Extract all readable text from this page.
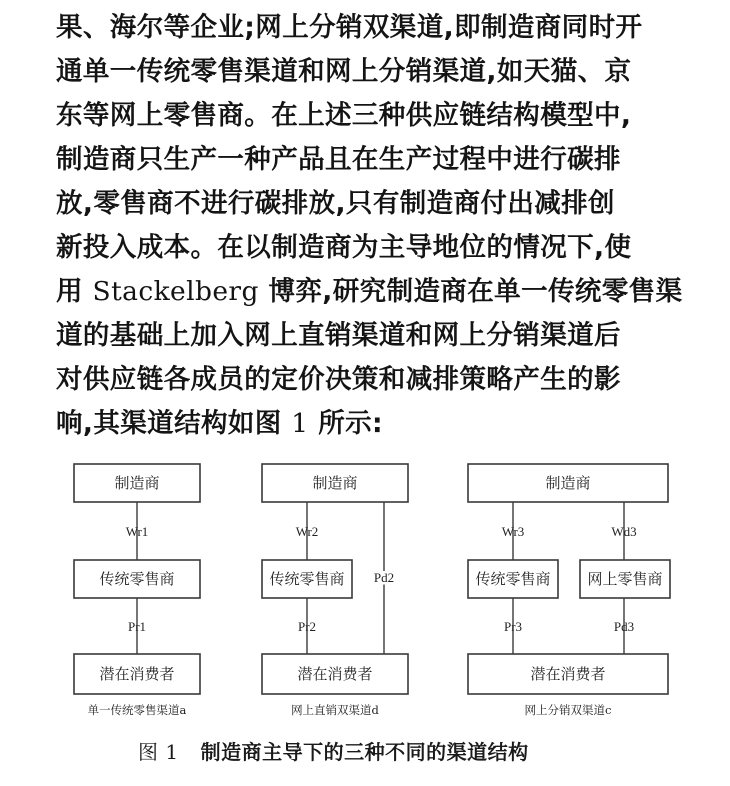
果、海尔等企业;网上分销双渠道,即制造商同时开
通单一传统零售渠道和网上分销渠道,如天猫、京
东等网上零售商。在上述三种供应链结构模型中,
制造商只生产一种产品且在生产过程中进行碳排
放,零售商不进行碳排放,只有制造商付出减排创
新投入成本。在以制造商为主导地位的情况下,使
用 Stackelberg 博弈,研究制造商在单一传统零售渠
道的基础上加入网上直销渠道和网上分销渠道后
对供应链各成员的定价决策和减排策略产生的影
响,其渠道结构如图 1 所示:
制造商
Wr1
传统零售商
Pr1
潜在消费者
单一传统零售渠道a
制造商
Wr2
Pd2
传统零售商
Pr2
潜在消费者
网上直销双渠道d
制造商
Wr3	Wd3
传统零售商 网上零售商
Pr3	Pd3
潜在消费者
网上分销双渠道c
图 1 制造商主导下的三种不同的渠道结构
